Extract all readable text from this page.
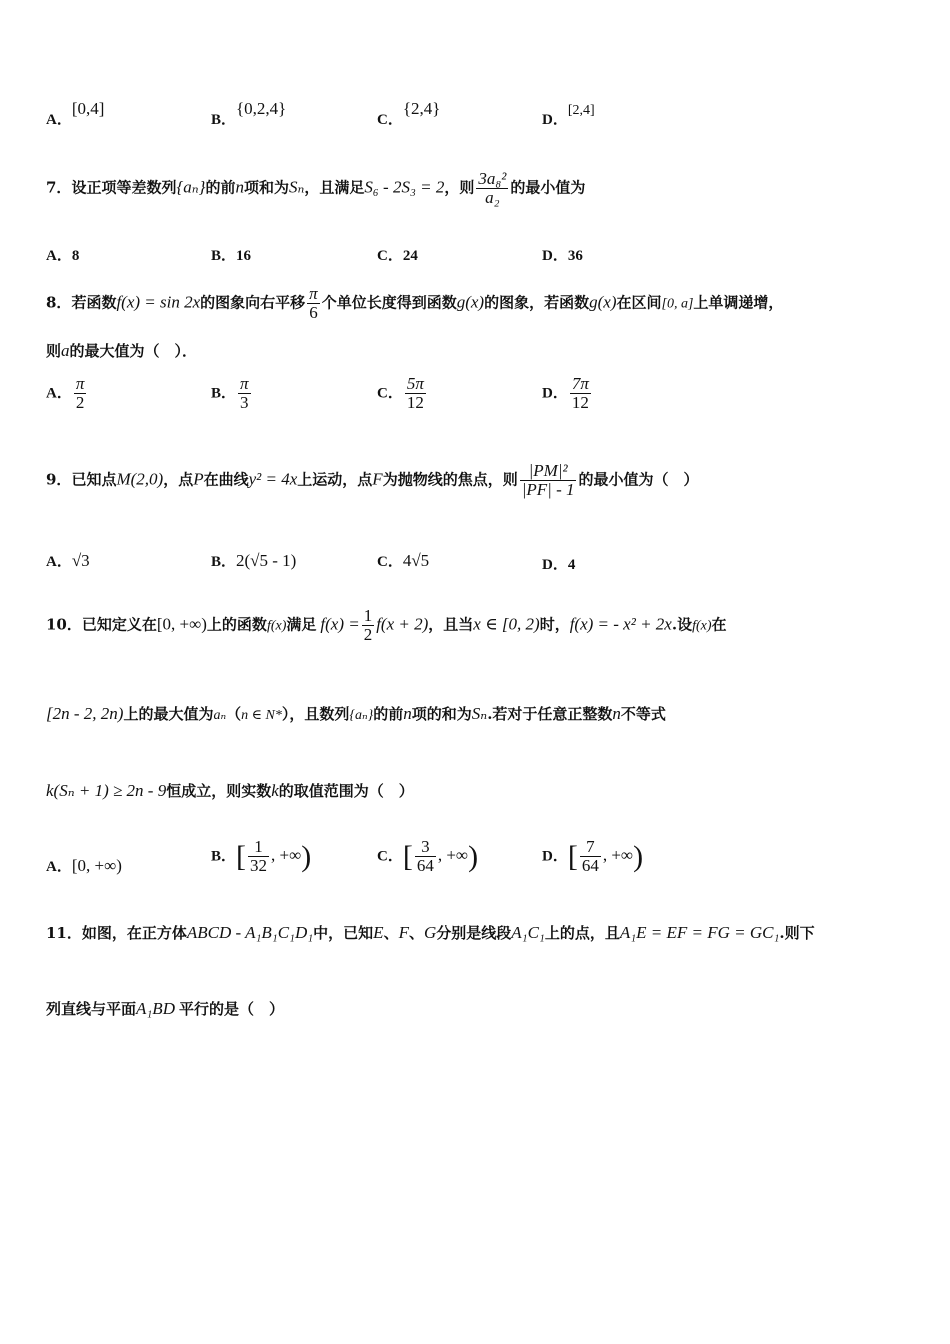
A．[0,4]
B．{0,2,4}
C．{2,4}
D．[2,4]
7．设正项等差数列{aₙ}的前n项和为Sₙ，且满足S₆ - 2S₃ = 2，则 $\frac{\text{3a₈²}}{\text{a₂}}$ 的最小值为
A．8	B．16	C．24	D．36
8．若函数f(x) = sin 2x的图象向右平移 $\frac{\pi}{6}$ 个单位长度得到函数g(x)的图象，若函数g(x)在区间[0, a]上单调递增，
则a的最大值为（　）．
A． $\frac{\pi}{2}$	B． $\frac{\pi}{3}$	C． $\frac{5\pi}{12}$	D． $\frac{7\pi}{12}$
9．已知点M(2,0)，点P在曲线y² = 4x上运动，点F为抛物线的焦点，则 $\frac{\text{|PM|²}}{|PF| - 1}$ 的最小值为（　）
A．√3	B．2(√5 - 1)	C．4√5	D．4
10．已知定义在[0, +∞)上的函数f(x)满足 $f(x) = \frac{1}{2} f(x + 2)$，且当x ∈ [0, 2)时，f(x) = - x² + 2x.设f(x)在
[2n - 2, 2n)上的最大值为aₙ（n ∈ N*），且数列{aₙ}的前n项的和为Sₙ.若对于任意正整数n不等式
k(Sₙ + 1) ≥ 2n - 9恒成立，则实数k的取值范围为（　）
A．[0, +∞)	B．[ $\frac{1}{32}$ , +∞)	C．[ $\frac{3}{64}$ , +∞)	D．[ $\frac{7}{64}$ , +∞)
11．如图，在正方体ABCD - A₁B₁C₁D₁中，已知E、F、G分别是线段A₁C₁上的点，且A₁E = EF = FG = GC₁.则下
列直线与平面A₁BD 平行的是（　）
